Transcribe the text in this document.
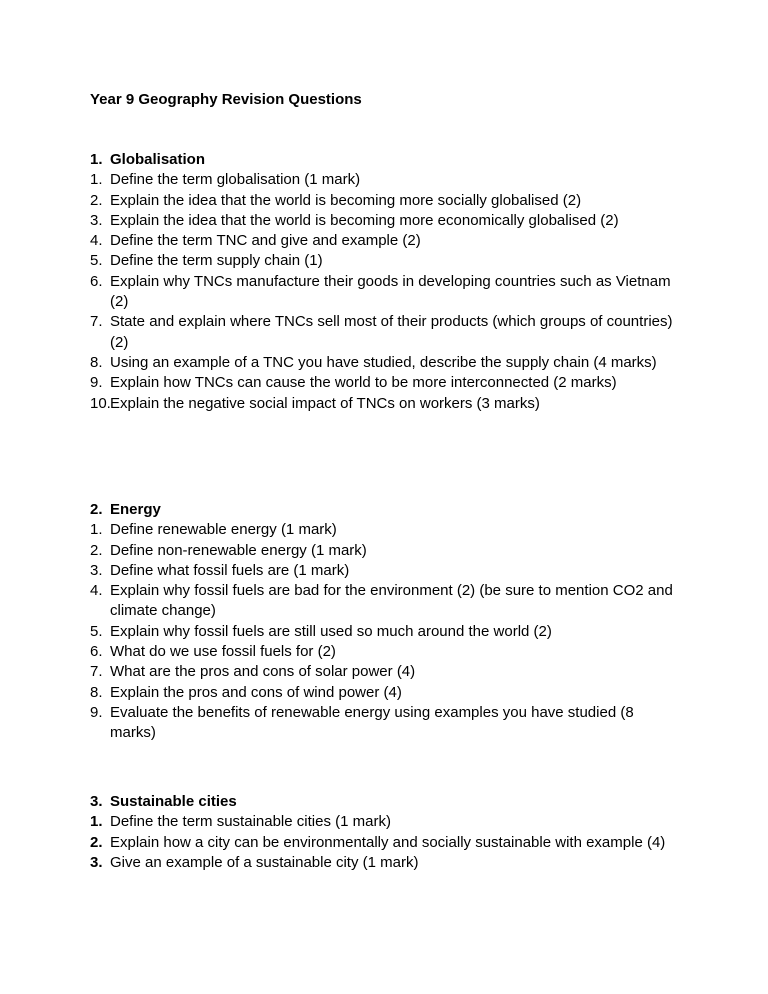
Year 9 Geography Revision Questions
1. Globalisation
1. Define the term globalisation (1 mark)
2. Explain the idea that the world is becoming more socially globalised (2)
3. Explain the idea that the world is becoming more economically globalised (2)
4. Define the term TNC and give and example (2)
5. Define the term supply chain (1)
6. Explain why TNCs manufacture their goods in developing countries such as Vietnam (2)
7. State and explain where TNCs sell most of their products (which groups of countries) (2)
8. Using an example of a TNC you have studied, describe the supply chain (4 marks)
9. Explain how TNCs can cause the world to be more interconnected (2 marks)
10. Explain the negative social impact of TNCs on workers (3 marks)
2. Energy
1. Define renewable energy (1 mark)
2. Define non-renewable energy (1 mark)
3. Define what fossil fuels are (1 mark)
4. Explain why fossil fuels are bad for the environment (2) (be sure to mention CO2 and climate change)
5. Explain why fossil fuels are still used so much around the world (2)
6. What do we use fossil fuels for (2)
7. What are the pros and cons of solar power (4)
8. Explain the pros and cons of wind power (4)
9. Evaluate the benefits of renewable energy using examples you have studied (8 marks)
3. Sustainable cities
1. Define the term sustainable cities (1 mark)
2. Explain how a city can be environmentally and socially sustainable with example (4)
3. Give an example of a sustainable city (1 mark)
